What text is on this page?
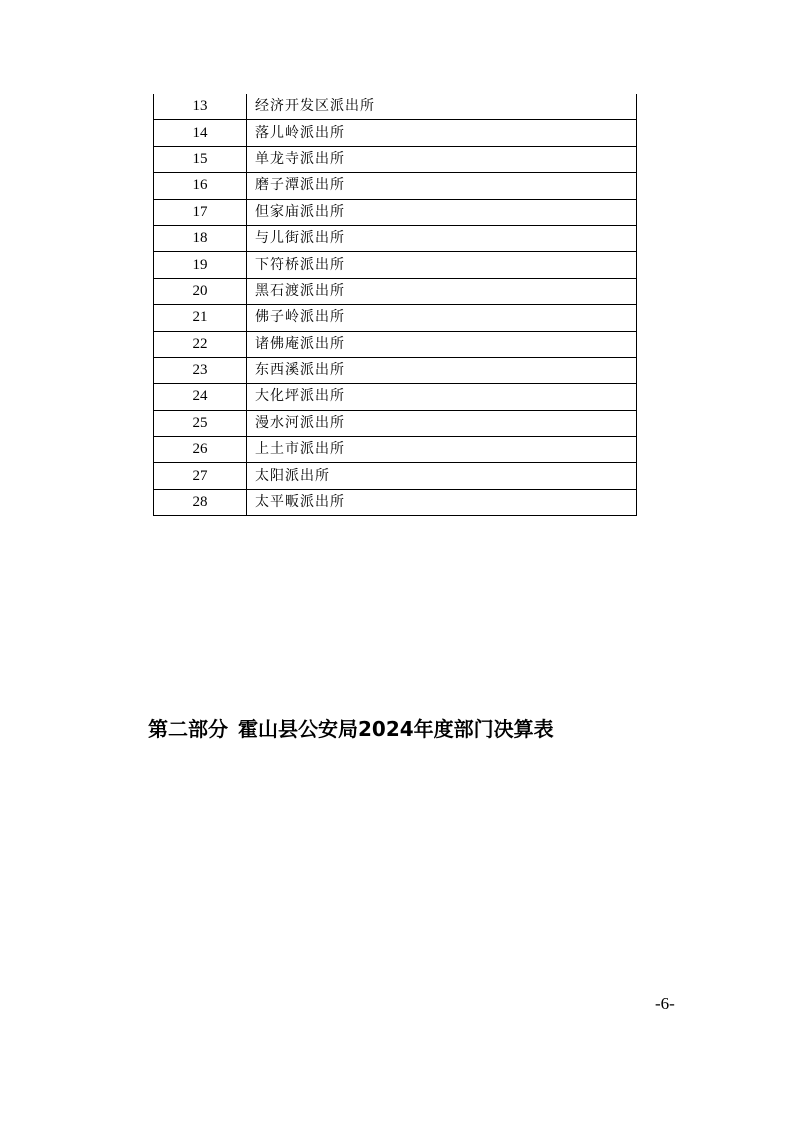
13	经济开发区派出所
14	落儿岭派出所
15	单龙寺派出所
16	磨子潭派出所
17	但家庙派出所
18	与儿街派出所
19	下符桥派出所
20	黑石渡派出所
21	佛子岭派出所
22	诸佛庵派出所
23	东西溪派出所
24	大化坪派出所
25	漫水河派出所
26	上土市派出所
27	太阳派出所
28	太平畈派出所
第二部分 霍山县公安局2024年度部门决算表
-6-
